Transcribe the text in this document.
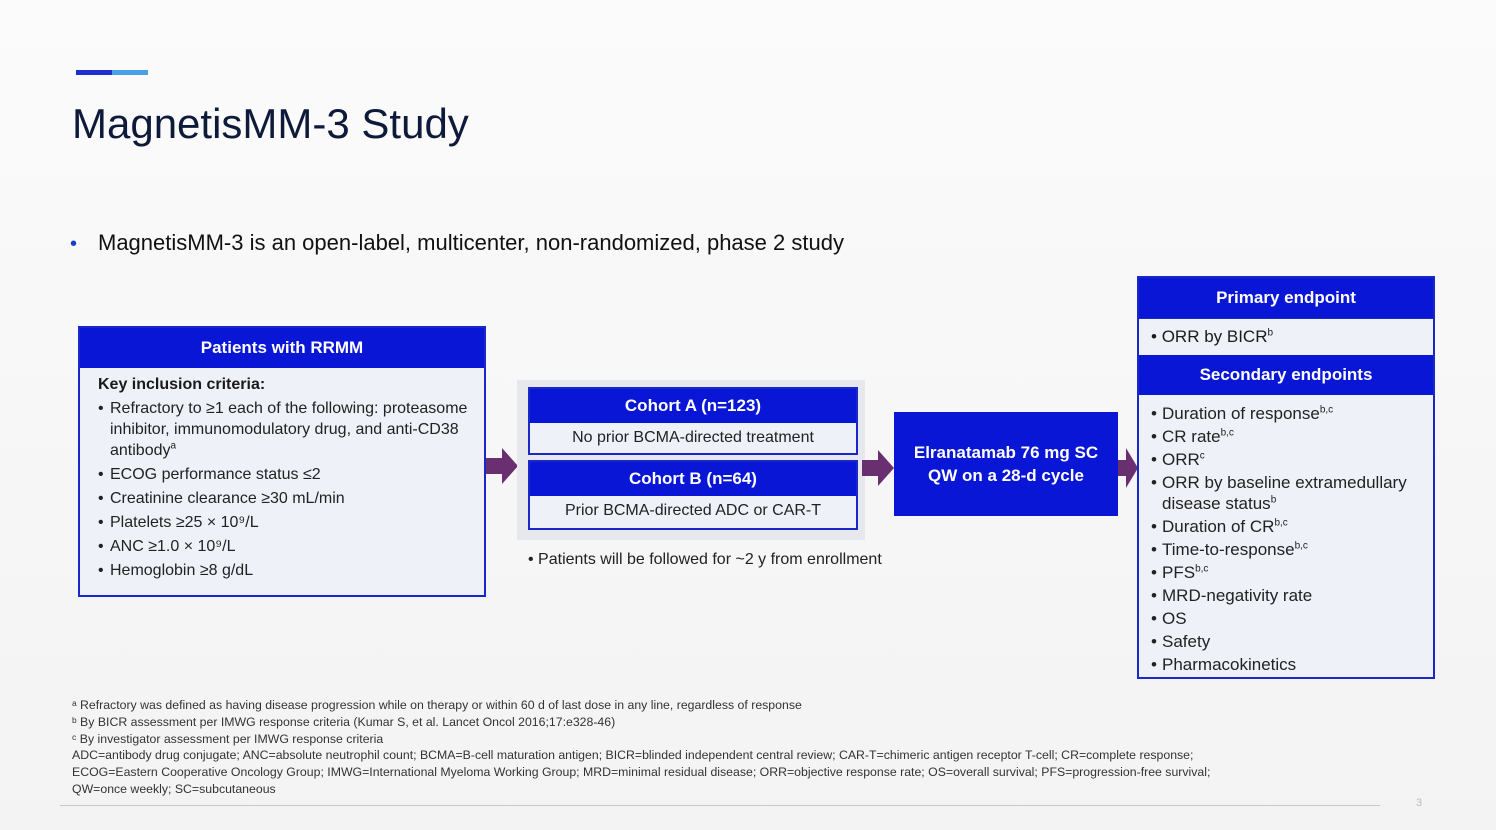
MagnetisMM-3 Study
• MagnetisMM-3 is an open-label, multicenter, non-randomized, phase 2 study
Patients with RRMM
Key inclusion criteria:
• Refractory to ≥1 each of the following: proteasome inhibitor, immunomodulatory drug, and anti-CD38 antibody$^a$
• ECOG performance status ≤2
• Creatinine clearance ≥30 mL/min
• Platelets ≥25 × 10⁹/L
• ANC ≥1.0 × 10⁹/L
• Hemoglobin ≥8 g/dL
Cohort A (n=123)
No prior BCMA-directed treatment
Cohort B (n=64)
Prior BCMA-directed ADC or CAR-T
• Patients will be followed for ~2 y from enrollment
Elranatamab 76 mg SC
QW on a 28-d cycle
Primary endpoint
• ORR by BICR$^b$
Secondary endpoints
• Duration of response$^{b,c}$
• CR rate$^{b,c}$
• ORR$^c$
• ORR by baseline extramedullary disease status$^b$
• Duration of CR$^{b,c}$
• Time-to-response$^{b,c}$
• PFS$^{b,c}$
• MRD-negativity rate
• OS
• Safety
• Pharmacokinetics
ᵃ Refractory was defined as having disease progression while on therapy or within 60 d of last dose in any line, regardless of response
ᵇ By BICR assessment per IMWG response criteria (Kumar S, et al. Lancet Oncol 2016;17:e328-46)
ᶜ By investigator assessment per IMWG response criteria
ADC=antibody drug conjugate; ANC=absolute neutrophil count; BCMA=B-cell maturation antigen; BICR=blinded independent central review; CAR-T=chimeric antigen receptor T-cell; CR=complete response;
ECOG=Eastern Cooperative Oncology Group; IMWG=International Myeloma Working Group; MRD=minimal residual disease; ORR=objective response rate; OS=overall survival; PFS=progression-free survival;
QW=once weekly; SC=subcutaneous
3
